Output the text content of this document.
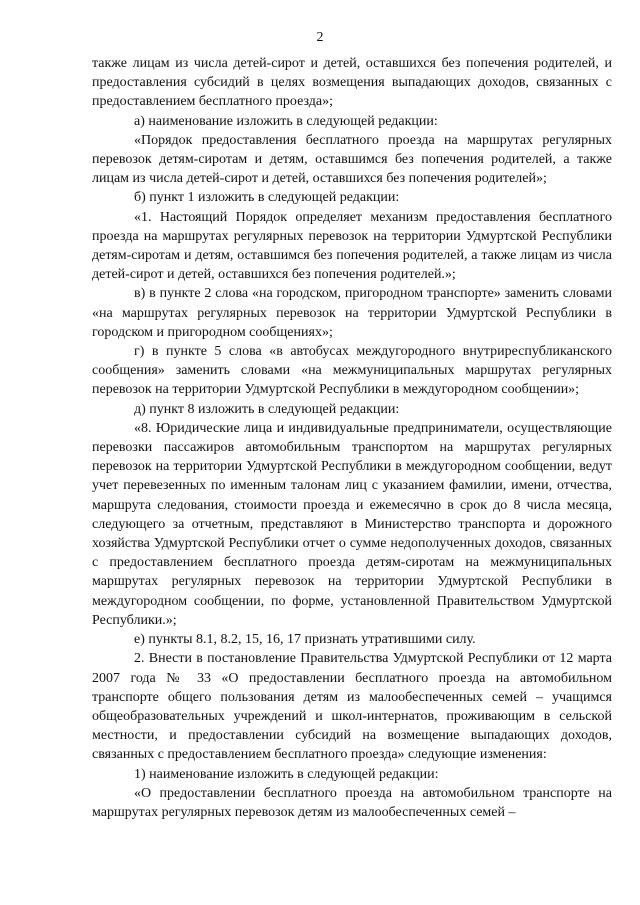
2

также лицам из числа детей-сирот и детей, оставшихся без попечения родителей, и предоставления субсидий в целях возмещения выпадающих доходов, связанных с предоставлением бесплатного проезда»;

а) наименование изложить в следующей редакции:

«Порядок предоставления бесплатного проезда на маршрутах регулярных перевозок детям-сиротам и детям, оставшимся без попечения родителей, а также лицам из числа детей-сирот и детей, оставшихся без попечения родителей»;

б) пункт 1 изложить в следующей редакции:

«1. Настоящий Порядок определяет механизм предоставления бесплатного проезда на маршрутах регулярных перевозок на территории Удмуртской Республики детям-сиротам и детям, оставшимся без попечения родителей, а также лицам из числа детей-сирот и детей, оставшихся без попечения родителей.»;

в) в пункте 2 слова «на городском, пригородном транспорте» заменить словами «на маршрутах регулярных перевозок на территории Удмуртской Республики в городском и пригородном сообщениях»;

г) в пункте 5 слова «в автобусах междугородного внутриреспубликанского сообщения» заменить словами «на межмуниципальных маршрутах регулярных перевозок на территории Удмуртской Республики в междугородном сообщении»;

д) пункт 8 изложить в следующей редакции:

«8. Юридические лица и индивидуальные предприниматели, осуществляющие перевозки пассажиров автомобильным транспортом на маршрутах регулярных перевозок на территории Удмуртской Республики в междугородном сообщении, ведут учет перевезенных по именным талонам лиц с указанием фамилии, имени, отчества, маршрута следования, стоимости проезда и ежемесячно в срок до 8 числа месяца, следующего за отчетным, представляют в Министерство транспорта и дорожного хозяйства Удмуртской Республики отчет о сумме недополученных доходов, связанных с предоставлением бесплатного проезда детям-сиротам на межмуниципальных маршрутах регулярных перевозок на территории Удмуртской Республики в междугородном сообщении, по форме, установленной Правительством Удмуртской Республики.»;

е) пункты 8.1, 8.2, 15, 16, 17 признать утратившими силу.

2. Внести в постановление Правительства Удмуртской Республики от 12 марта 2007 года № 33 «О предоставлении бесплатного проезда на автомобильном транспорте общего пользования детям из малообеспеченных семей – учащимся общеобразовательных учреждений и школ-интернатов, проживающим в сельской местности, и предоставлении субсидий на возмещение выпадающих доходов, связанных с предоставлением бесплатного проезда» следующие изменения:

1) наименование изложить в следующей редакции:

«О предоставлении бесплатного проезда на автомобильном транспорте на маршрутах регулярных перевозок детям из малообеспеченных семей –
